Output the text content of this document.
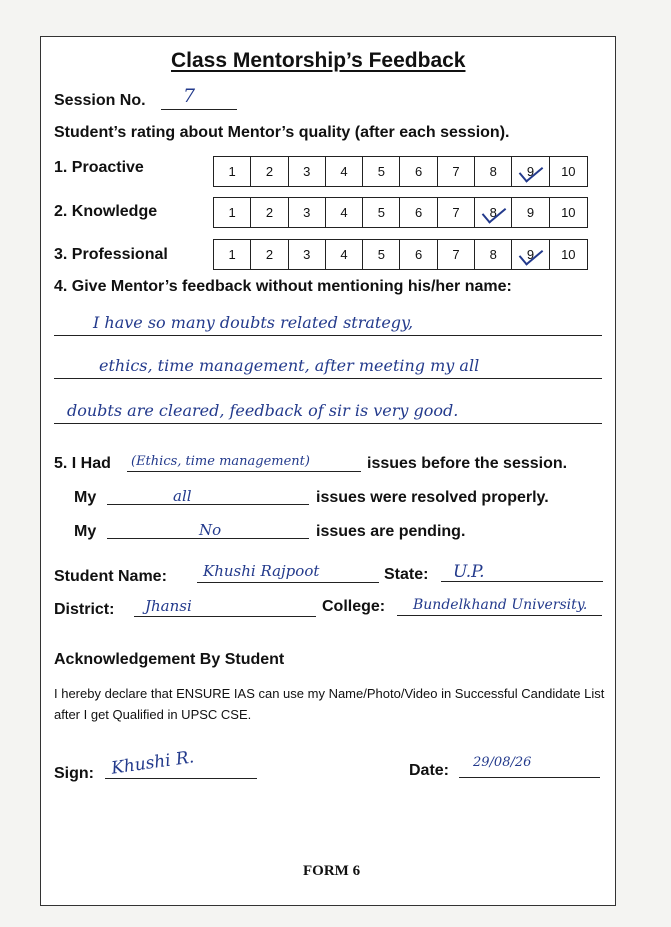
Class Mentorship’s Feedback
Session No. 7
Student’s rating about Mentor’s quality (after each session).
1. Proactive	1 2 3 4 5 6 7 8 9 10
2. Knowledge	1 2 3 4 5 6 7 8 9 10
3. Professional	1 2 3 4 5 6 7 8 9 10
4. Give Mentor’s feedback without mentioning his/her name:
I have so many doubts related strategy,
ethics, time management, after meeting my all
doubts are cleared, feedback of sir is very good.
5. I Had (Ethics, time management)	issues before the session.
My	all	issues were resolved properly.
My	No	issues are pending.
Student Name: Khushi Rajpoot	State: U.P.
District: Jhansi	College: Bundelkhand University.
Acknowledgement By Student
I hereby declare that ENSURE IAS can use my Name/Photo/Video in Successful Candidate List after I get Qualified in UPSC CSE.
Sign: Khushi R.	Date: 29/08/26
FORM 6
